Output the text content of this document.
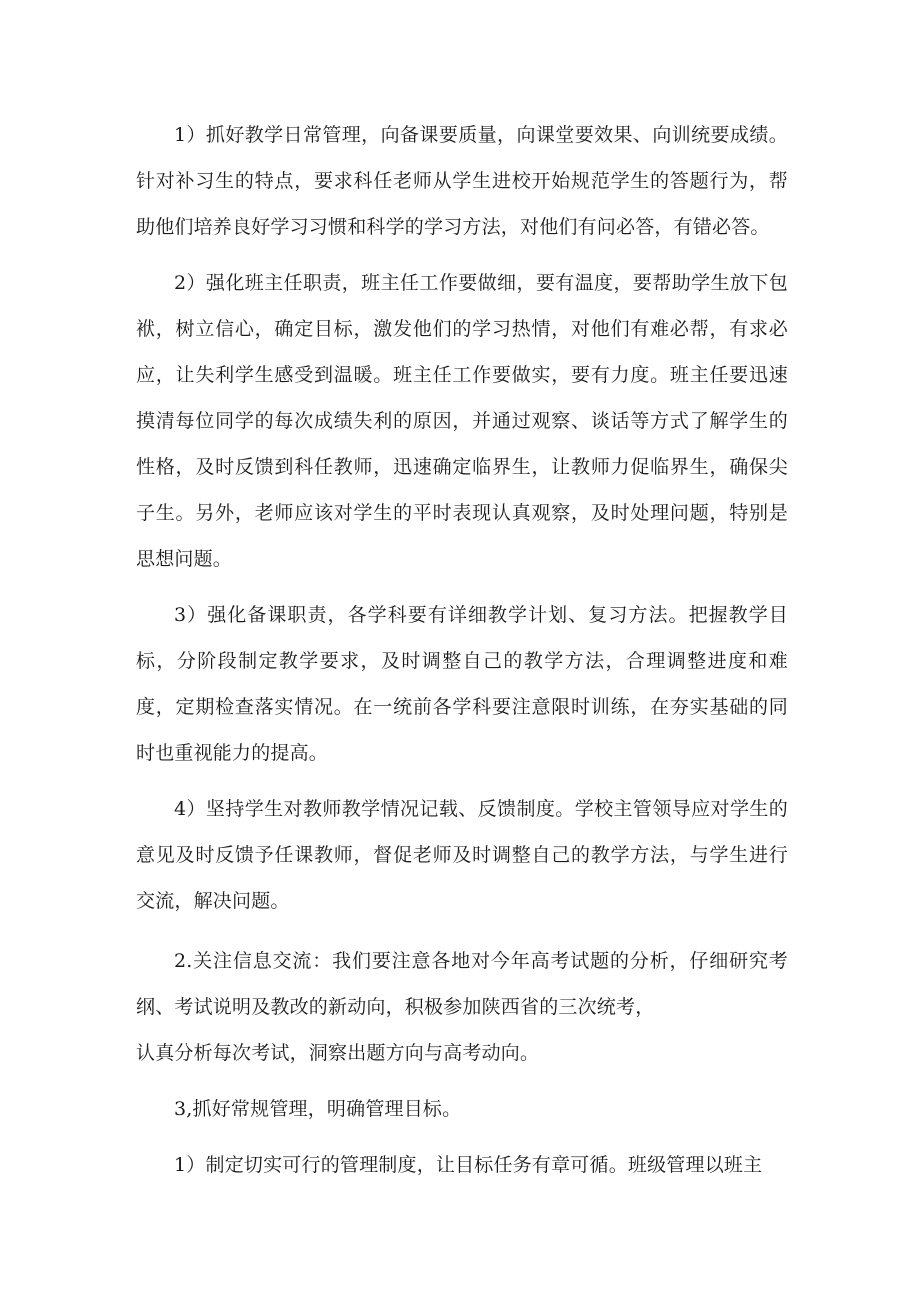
1）抓好教学日常管理，向备课要质量，向课堂要效果、向训统要成绩。针对补习生的特点，要求科任老师从学生进校开始规范学生的答题行为，帮助他们培养良好学习习惯和科学的学习方法，对他们有问必答，有错必答。

2）强化班主任职责，班主任工作要做细，要有温度，要帮助学生放下包袱，树立信心，确定目标，激发他们的学习热情，对他们有难必帮，有求必应，让失利学生感受到温暖。班主任工作要做实，要有力度。班主任要迅速摸清每位同学的每次成绩失利的原因，并通过观察、谈话等方式了解学生的性格，及时反馈到科任教师，迅速确定临界生，让教师力促临界生，确保尖子生。另外，老师应该对学生的平时表现认真观察，及时处理问题，特别是思想问题。

3）强化备课职责，各学科要有详细教学计划、复习方法。把握教学目标，分阶段制定教学要求，及时调整自己的教学方法，合理调整进度和难度，定期检查落实情况。在一统前各学科要注意限时训练，在夯实基础的同时也重视能力的提高。

4）坚持学生对教师教学情况记载、反馈制度。学校主管领导应对学生的意见及时反馈予任课教师，督促老师及时调整自己的教学方法，与学生进行交流，解决问题。

2.关注信息交流：我们要注意各地对今年高考试题的分析，仔细研究考纲、考试说明及教改的新动向，积极参加陕西省的三次统考，

认真分析每次考试，洞察出题方向与高考动向。

3,抓好常规管理，明确管理目标。

1）制定切实可行的管理制度，让目标任务有章可循。班级管理以班主
